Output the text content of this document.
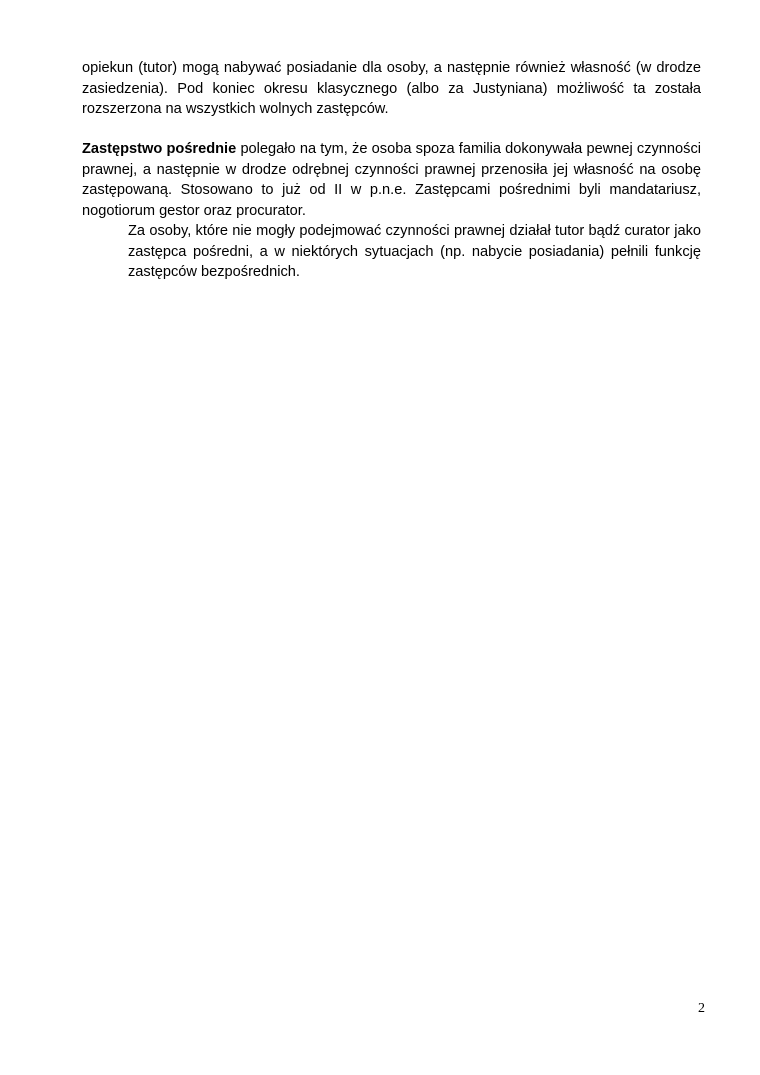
opiekun (tutor) mogą nabywać posiadanie dla osoby, a następnie również własność (w drodze zasiedzenia). Pod koniec okresu klasycznego (albo za Justyniana) możliwość ta została rozszerzona na wszystkich wolnych zastępców.

Zastępstwo pośrednie polegało na tym, że osoba spoza familia dokonywała pewnej czynności prawnej, a następnie w drodze odrębnej czynności prawnej przenosiła jej własność na osobę zastępowaną. Stosowano to już od II w p.n.e. Zastępcami pośrednimi byli mandatariusz, nogotiorum gestor oraz procurator.

Za osoby, które nie mogły podejmować czynności prawnej działał tutor bądź curator jako zastępca pośredni, a w niektórych sytuacjach (np. nabycie posiadania) pełnili funkcję zastępców bezpośrednich.

2
